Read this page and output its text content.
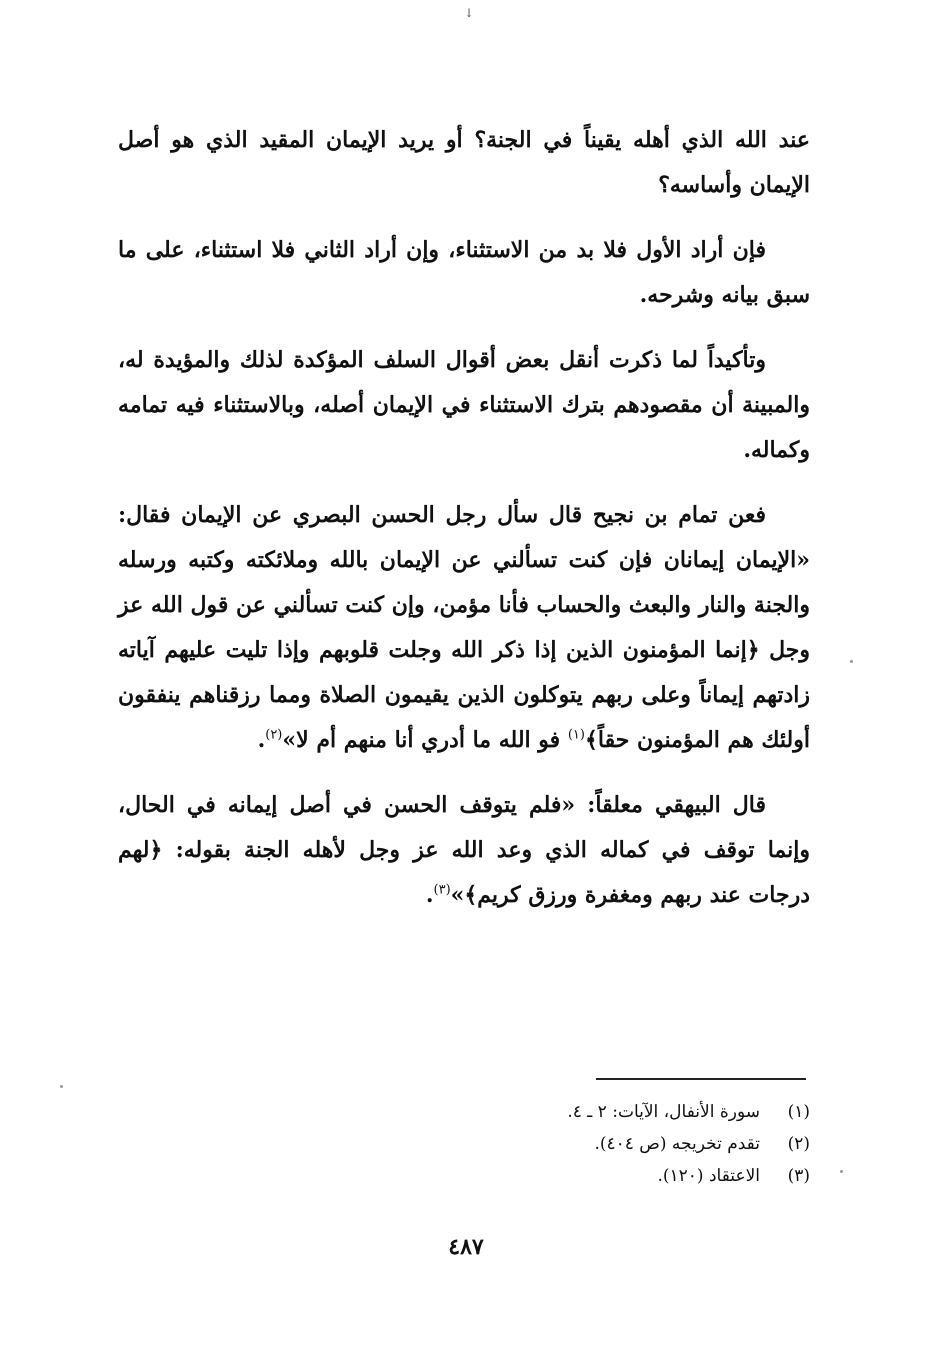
↓

عند الله الذي أهله يقيناً في الجنة؟ أو يريد الإيمان المقيد الذي هو أصل الإيمان وأساسه؟

فإن أراد الأول فلا بد من الاستثناء، وإن أراد الثاني فلا استثناء، على ما سبق بيانه وشرحه.

وتأكيداً لما ذكرت أنقل بعض أقوال السلف المؤكدة لذلك والمؤيدة له، والمبينة أن مقصودهم بترك الاستثناء في الإيمان أصله، وبالاستثناء فيه تمامه وكماله.

فعن تمام بن نجيح قال سأل رجل الحسن البصري عن الإيمان فقال: «الإيمان إيمانان فإن كنت تسألني عن الإيمان بالله وملائكته وكتبه ورسله والجنة والنار والبعث والحساب فأنا مؤمن، وإن كنت تسألني عن قول الله عز وجل ﴿إنما المؤمنون الذين إذا ذكر الله وجلت قلوبهم وإذا تليت عليهم آياته زادتهم إيماناً وعلى ربهم يتوكلون الذين يقيمون الصلاة ومما رزقناهم ينفقون أولئك هم المؤمنون حقاً﴾$^{(١)}$ فو الله ما أدري أنا منهم أم لا»$^{(٢)}$.

قال البيهقي معلقاً: «فلم يتوقف الحسن في أصل إيمانه في الحال، وإنما توقف في كماله الذي وعد الله عز وجل لأهله الجنة بقوله: ﴿لهم درجات عند ربهم ومغفرة ورزق كريم﴾»$^{(٣)}$.

(١)
سورة الأنفال، الآيات: ٢ ـ ٤.
(٢)
تقدم تخريجه (ص ٤٠٤).
(٣)
الاعتقاد (١٢٠).
٤٨٧
